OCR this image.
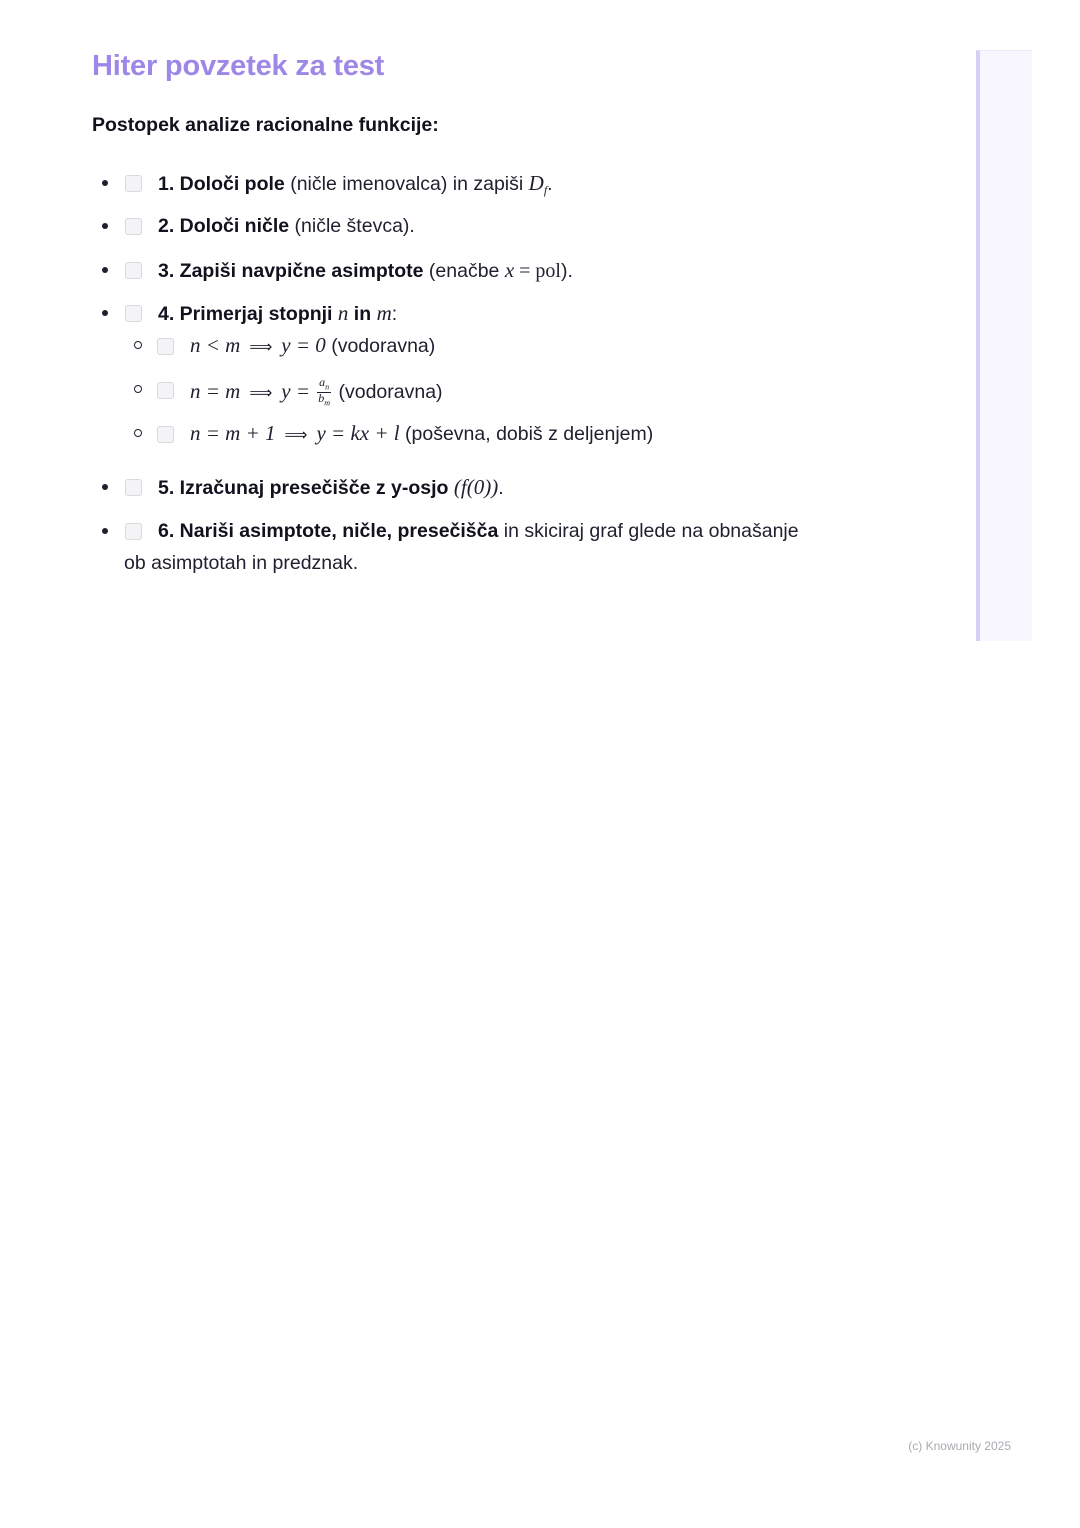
Hiter povzetek za test
Postopek analize racionalne funkcije:
1. Določi pole (ničle imenovalca) in zapiši $D_f$.
2. Določi ničle (ničle števca).
3. Zapiši navpične asimptote (enačbe x = pol).
4. Primerjaj stopnji n in m:
n < m ⟹ y = 0 (vodoravna)
n = m ⟹ $y = \frac{a_n}{b_m}$ (vodoravna)
n = m + 1 ⟹ y = kx + l (poševna, dobiš z deljenjem)
5. Izračunaj presečišče z y-osjo (f(0)).
6. Nariši asimptote, ničle, presečišča in skiciraj graf glede na obnašanje
ob asimptotah in predznak.
(c) Knowunity 2025
